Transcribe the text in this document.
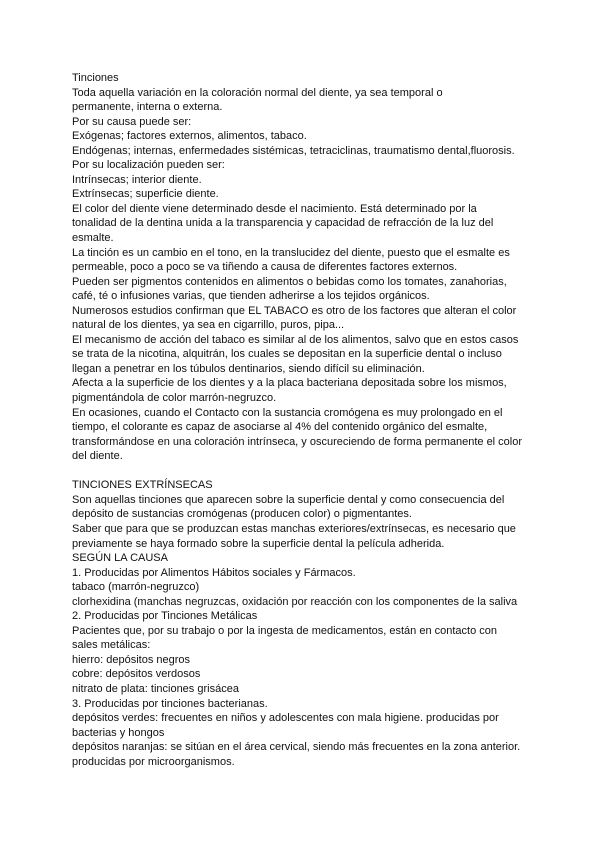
Tinciones
Toda aquella variación en la coloración normal del diente, ya sea temporal o
permanente, interna o externa.
Por su causa puede ser:
Exógenas; factores externos, alimentos, tabaco.
Endógenas; internas, enfermedades sistémicas, tetraciclinas, traumatismo dental,fluorosis.
Por su localización pueden ser:
Intrínsecas; interior diente.
Extrínsecas; superficie diente.
El color del diente viene determinado desde el nacimiento. Está determinado por la
tonalidad de la dentina unida a la transparencia y capacidad de refracción de la luz del
esmalte.
La tinción es un cambio en el tono, en la translucidez del diente, puesto que el esmalte es
permeable, poco a poco se va tiñendo a causa de diferentes factores externos.
Pueden ser pigmentos contenidos en alimentos o bebidas como los tomates, zanahorias,
café, té o infusiones varias, que tienden adherirse a los tejidos orgánicos.
Numerosos estudios confirman que EL TABACO es otro de los factores que alteran el color
natural de los dientes, ya sea en cigarrillo, puros, pipa...
El mecanismo de acción del tabaco es similar al de los alimentos, salvo que en estos casos
se trata de la nicotina, alquitrán, los cuales se depositan en la superficie dental o incluso
llegan a penetrar en los túbulos dentinarios, siendo difícil su eliminación.
Afecta a la superficie de los dientes y a la placa bacteriana depositada sobre los mismos,
pigmentándola de color marrón-negruzco.
En ocasiones, cuando el Contacto con la sustancia cromógena es muy prolongado en el
tiempo, el colorante es capaz de asociarse al 4% del contenido orgánico del esmalte,
transformándose en una coloración intrínseca, y oscureciendo de forma permanente el color
del diente.
TINCIONES EXTRÍNSECAS
Son aquellas tinciones que aparecen sobre la superficie dental y como consecuencia del
depósito de sustancias cromógenas (producen color) o pigmentantes.
Saber que para que se produzcan estas manchas exteriores/extrínsecas, es necesario que
previamente se haya formado sobre la superficie dental la película adherida.
SEGÚN LA CAUSA
1. Producidas por Alimentos Hábitos sociales y Fármacos.
tabaco (marrón-negruzco)
clorhexidina (manchas negruzcas, oxidación por reacción con los componentes de la saliva
2. Producidas por Tinciones Metálicas
Pacientes que, por su trabajo o por la ingesta de medicamentos, están en contacto con
sales metálicas:
hierro: depósitos negros
cobre: depósitos verdosos
nitrato de plata: tinciones grisácea
3. Producidas por tinciones bacterianas.
depósitos verdes: frecuentes en niños y adolescentes con mala higiene. producidas por
bacterias y hongos
depósitos naranjas: se sitúan en el área cervical, siendo más frecuentes en la zona anterior.
producidas por microorganismos.
